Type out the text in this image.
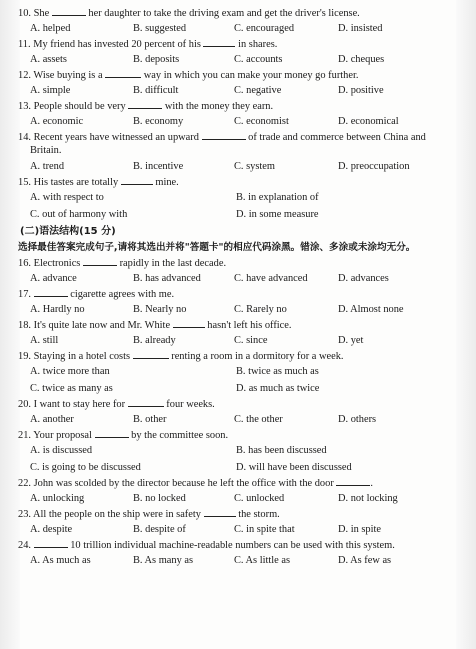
10. She	her daughter to take the driving exam and get the driver's license.
A. helped	B. suggested	C. encouraged	D. insisted
11. My friend has invested 20 percent of his	in shares.
A. assets	B. deposits	C. accounts	D. cheques
12. Wise buying is a	way in which you can make your money go further.
A. simple	B. difficult	C. negative	D. positive
13. People should be very	with the money they earn.
A. economic	B. economy	C. economist	D. economical
14. Recent years have witnessed an upward	of trade and commerce between China and
Britain.
A. trend	B. incentive	C. system	D. preoccupation
15. His tastes are totally	mine.
A. with respect to	B. in explanation of
C. out of harmony with	D. in some measure
(二)语法结构(15 分)
选择最佳答案完成句子,请将其选出并将"答题卡"的相应代码涂黑。错涂、多涂或未涂均无分。
16. Electronics	rapidly in the last decade.
A. advance	B. has advanced	C. have advanced	D. advances
17.	cigarette agrees with me.
A. Hardly no	B. Nearly no	C. Rarely no	D. Almost none
18. It's quite late now and Mr. White	hasn't left his office.
A. still	B. already	C. since	D. yet
19. Staying in a hotel costs	renting a room in a dormitory for a week.
A. twice more than	B. twice as much as
C. twice as many as	D. as much as twice
20. I want to stay here for	four weeks.
A. another	B. other	C. the other	D. others
21. Your proposal	by the committee soon.
A. is discussed	B. has been discussed
C. is going to be discussed	D. will have been discussed
22. John was scolded by the director because he left the office with the door	.
A. unlocking	B. no locked	C. unlocked	D. not locking
23. All the people on the ship were in safety	the storm.
A. despite	B. despite of	C. in spite that	D. in spite
24.	10 trillion individual machine-readable numbers can be used with this system.
A. As much as	B. As many as	C. As little as	D. As few as
